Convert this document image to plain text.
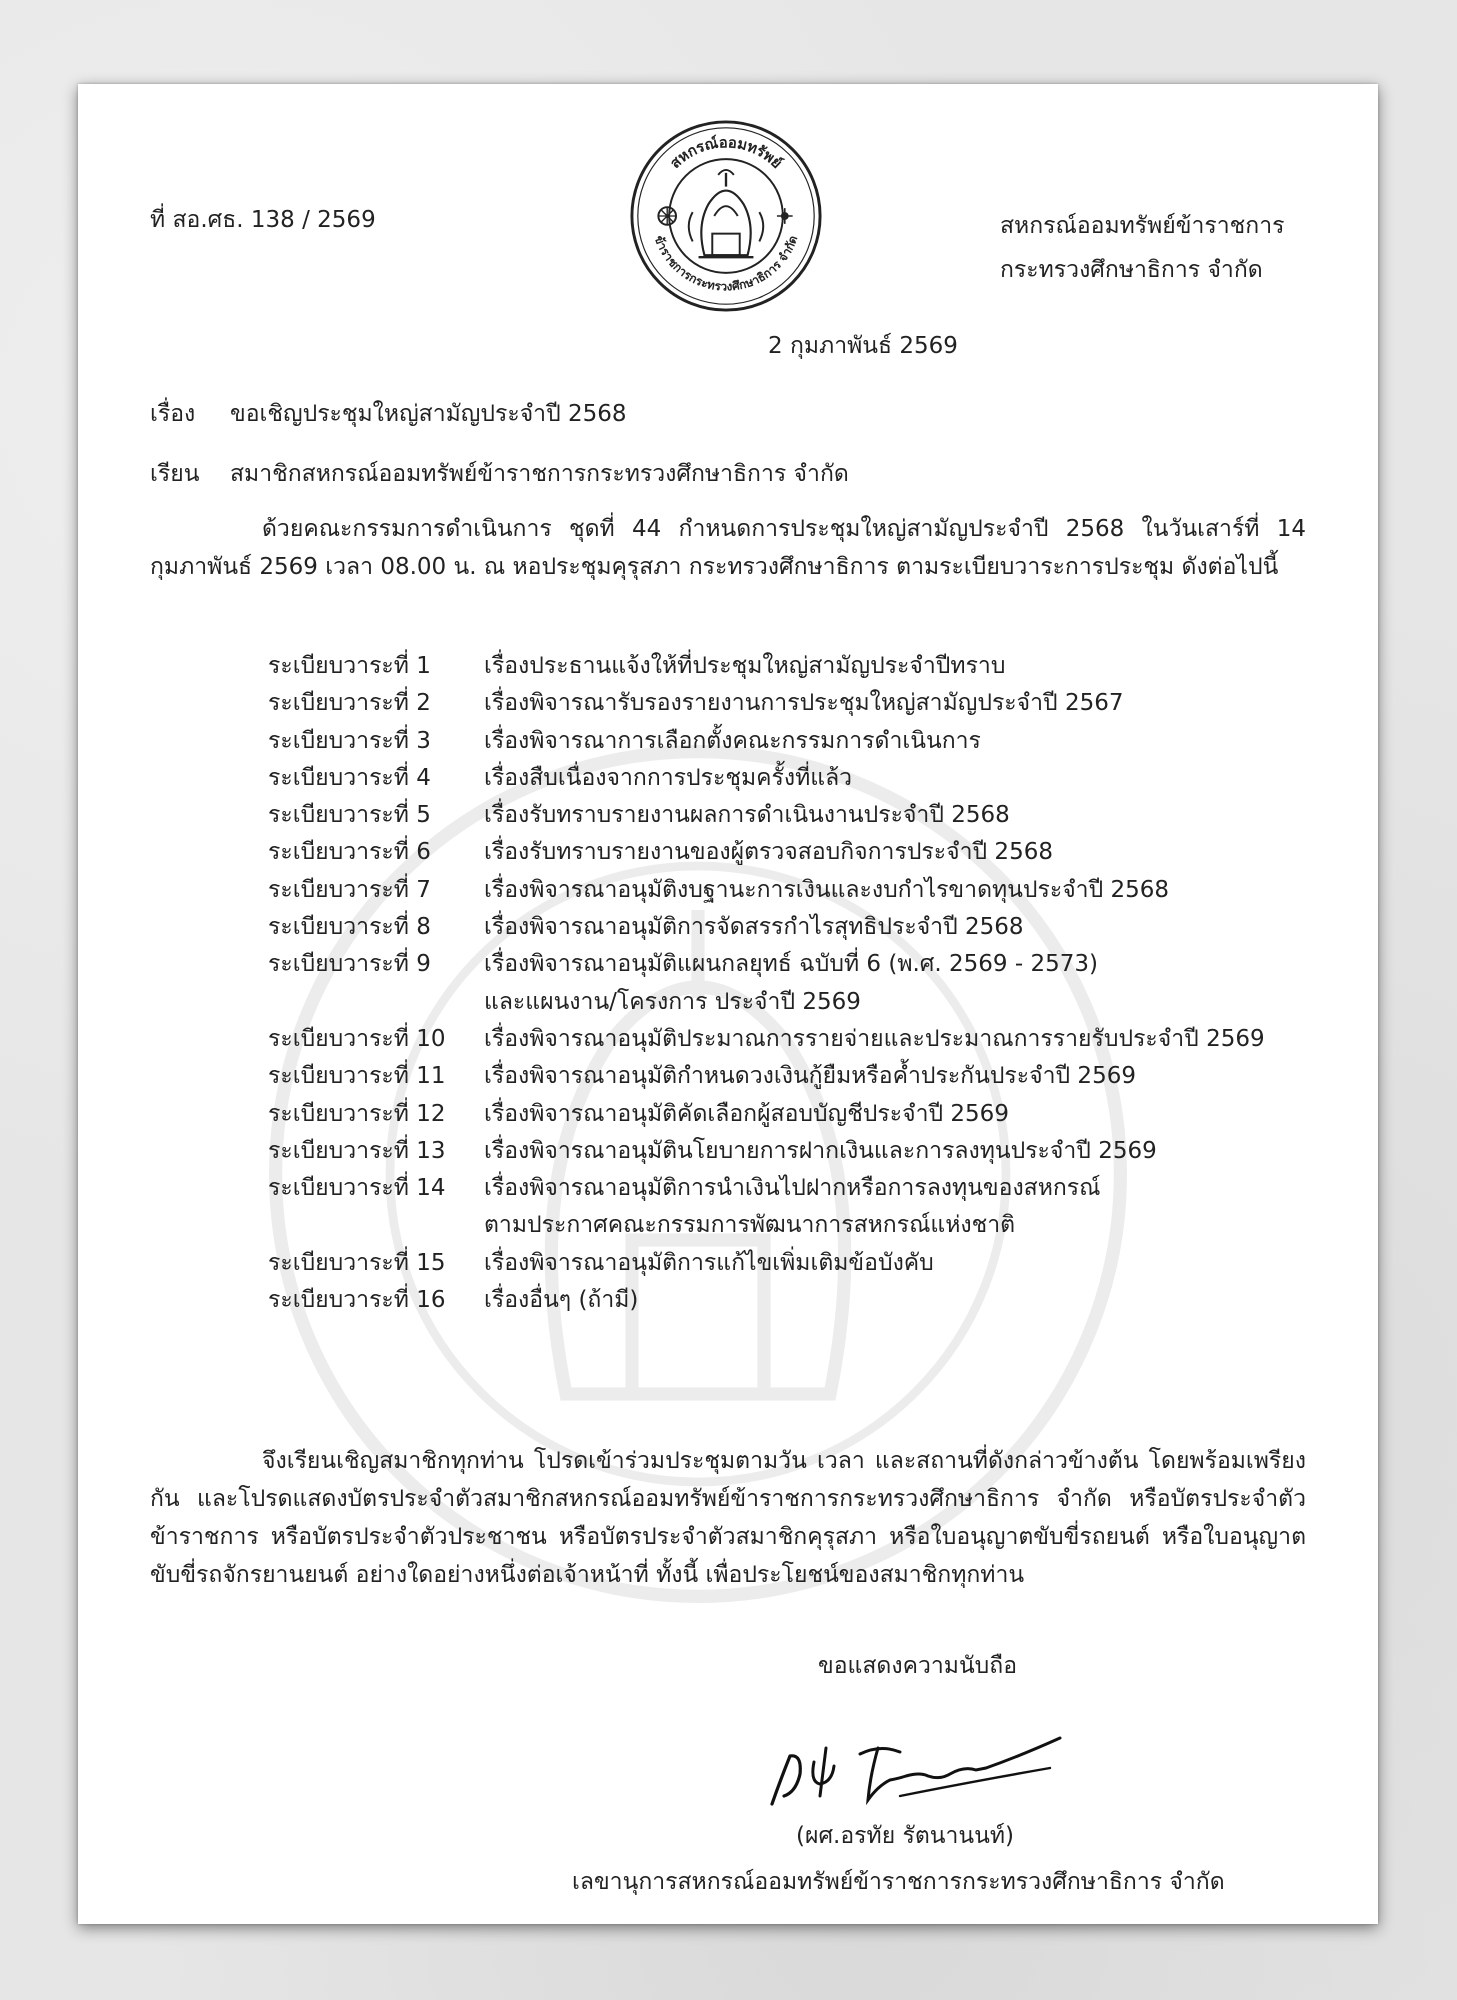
สหกรณ์ออมทรัพย์
ข้าราชการกระทรวงศึกษาธิการ จำกัด
ที่ สอ.ศธ. 138 / 2569	สหกรณ์ออมทรัพย์ข้าราชการ
กระทรวงศึกษาธิการ จำกัด
2 กุมภาพันธ์ 2569
เรื่อง ขอเชิญประชุมใหญ่สามัญประจำปี 2568
เรียน สมาชิกสหกรณ์ออมทรัพย์ข้าราชการกระทรวงศึกษาธิการ จำกัด
ด้วยคณะกรรมการดำเนินการ ชุดที่ 44 กำหนดการประชุมใหญ่สามัญประจำปี 2568 ในวันเสาร์ที่ 14 กุมภาพันธ์ 2569 เวลา 08.00 น. ณ หอประชุมคุรุสภา กระทรวงศึกษาธิการ ตามระเบียบวาระการประชุม ดังต่อไปนี้
ระเบียบวาระที่ 1	เรื่องประธานแจ้งให้ที่ประชุมใหญ่สามัญประจำปีทราบ
ระเบียบวาระที่ 2	เรื่องพิจารณารับรองรายงานการประชุมใหญ่สามัญประจำปี 2567
ระเบียบวาระที่ 3	เรื่องพิจารณาการเลือกตั้งคณะกรรมการดำเนินการ
ระเบียบวาระที่ 4	เรื่องสืบเนื่องจากการประชุมครั้งที่แล้ว
ระเบียบวาระที่ 5	เรื่องรับทราบรายงานผลการดำเนินงานประจำปี 2568
ระเบียบวาระที่ 6	เรื่องรับทราบรายงานของผู้ตรวจสอบกิจการประจำปี 2568
ระเบียบวาระที่ 7	เรื่องพิจารณาอนุมัติงบฐานะการเงินและงบกำไรขาดทุนประจำปี 2568
ระเบียบวาระที่ 8	เรื่องพิจารณาอนุมัติการจัดสรรกำไรสุทธิประจำปี 2568
ระเบียบวาระที่ 9	เรื่องพิจารณาอนุมัติแผนกลยุทธ์ ฉบับที่ 6 (พ.ศ. 2569 - 2573)
และแผนงาน/โครงการ ประจำปี 2569
ระเบียบวาระที่ 10	เรื่องพิจารณาอนุมัติประมาณการรายจ่ายและประมาณการรายรับประจำปี 2569
ระเบียบวาระที่ 11	เรื่องพิจารณาอนุมัติกำหนดวงเงินกู้ยืมหรือค้ำประกันประจำปี 2569
ระเบียบวาระที่ 12	เรื่องพิจารณาอนุมัติคัดเลือกผู้สอบบัญชีประจำปี 2569
ระเบียบวาระที่ 13	เรื่องพิจารณาอนุมัตินโยบายการฝากเงินและการลงทุนประจำปี 2569
ระเบียบวาระที่ 14	เรื่องพิจารณาอนุมัติการนำเงินไปฝากหรือการลงทุนของสหกรณ์
ตามประกาศคณะกรรมการพัฒนาการสหกรณ์แห่งชาติ
ระเบียบวาระที่ 15	เรื่องพิจารณาอนุมัติการแก้ไขเพิ่มเติมข้อบังคับ
ระเบียบวาระที่ 16	เรื่องอื่นๆ (ถ้ามี)
จึงเรียนเชิญสมาชิกทุกท่าน โปรดเข้าร่วมประชุมตามวัน เวลา และสถานที่ดังกล่าวข้างต้น โดยพร้อมเพรียงกัน และโปรดแสดงบัตรประจำตัวสมาชิกสหกรณ์ออมทรัพย์ข้าราชการกระทรวงศึกษาธิการ จำกัด หรือบัตรประจำตัวข้าราชการ หรือบัตรประจำตัวประชาชน หรือบัตรประจำตัวสมาชิกคุรุสภา หรือใบอนุญาตขับขี่รถยนต์ หรือใบอนุญาตขับขี่รถจักรยานยนต์ อย่างใดอย่างหนึ่งต่อเจ้าหน้าที่ ทั้งนี้ เพื่อประโยชน์ของสมาชิกทุกท่าน
ขอแสดงความนับถือ
(ผศ.อรทัย รัตนานนท์)
เลขานุการสหกรณ์ออมทรัพย์ข้าราชการกระทรวงศึกษาธิการ จำกัด
